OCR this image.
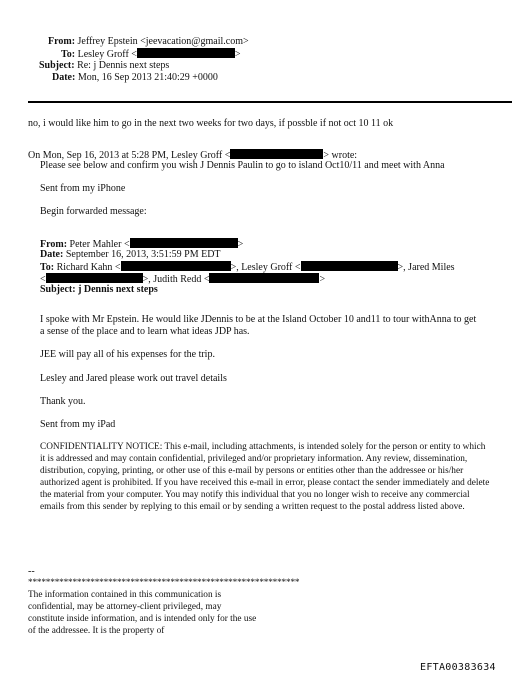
From: Jeffrey Epstein <jeevacation@gmail.com>
To: Lesley Groff <	>
Subject: Re: j Dennis next steps
Date: Mon, 16 Sep 2013 21:40:29 +0000
no, i would like him to go in the next two weeks for two days, if possble if not oct 10 11 ok
On Mon, Sep 16, 2013 at 5:28 PM, Lesley Groff <	> wrote:
Please see below and confirm you wish J Dennis Paulin to go to island Oct10/11 and meet with Anna
Sent from my iPhone
Begin forwarded message:
From: Peter Mahler <	>
Date: September 16, 2013, 3:51:59 PM EDT
To: Richard Kahn <	>, Lesley Groff <	>, Jared Miles
<	>, Judith Redd <	>
Subject: j Dennis next steps
I spoke with Mr Epstein. He would like JDennis to be at the Island October 10 and11 to tour withAnna to get a sense of the place and to learn what ideas JDP has.
JEE will pay all of his expenses for the trip.
Lesley and Jared please work out travel details
Thank you.
Sent from my iPad
CONFIDENTIALITY NOTICE: This e-mail, including attachments, is intended solely for the person or entity to which it is addressed and may contain confidential, privileged and/or proprietary information. Any review, dissemination, distribution, copying, printing, or other use of this e-mail by persons or entities other than the addressee or his/her authorized agent is prohibited. If you have received this e-mail in error, please contact the sender immediately and delete the material from your computer. You may notify this individual that you no longer wish to receive any commercial emails from this sender by replying to this email or by sending a written request to the postal address listed above.
--
*************************************************************
The information contained in this communication is confidential, may be attorney-client privileged, may constitute inside information, and is intended only for the use of the addressee. It is the property of
EFTA00383634
